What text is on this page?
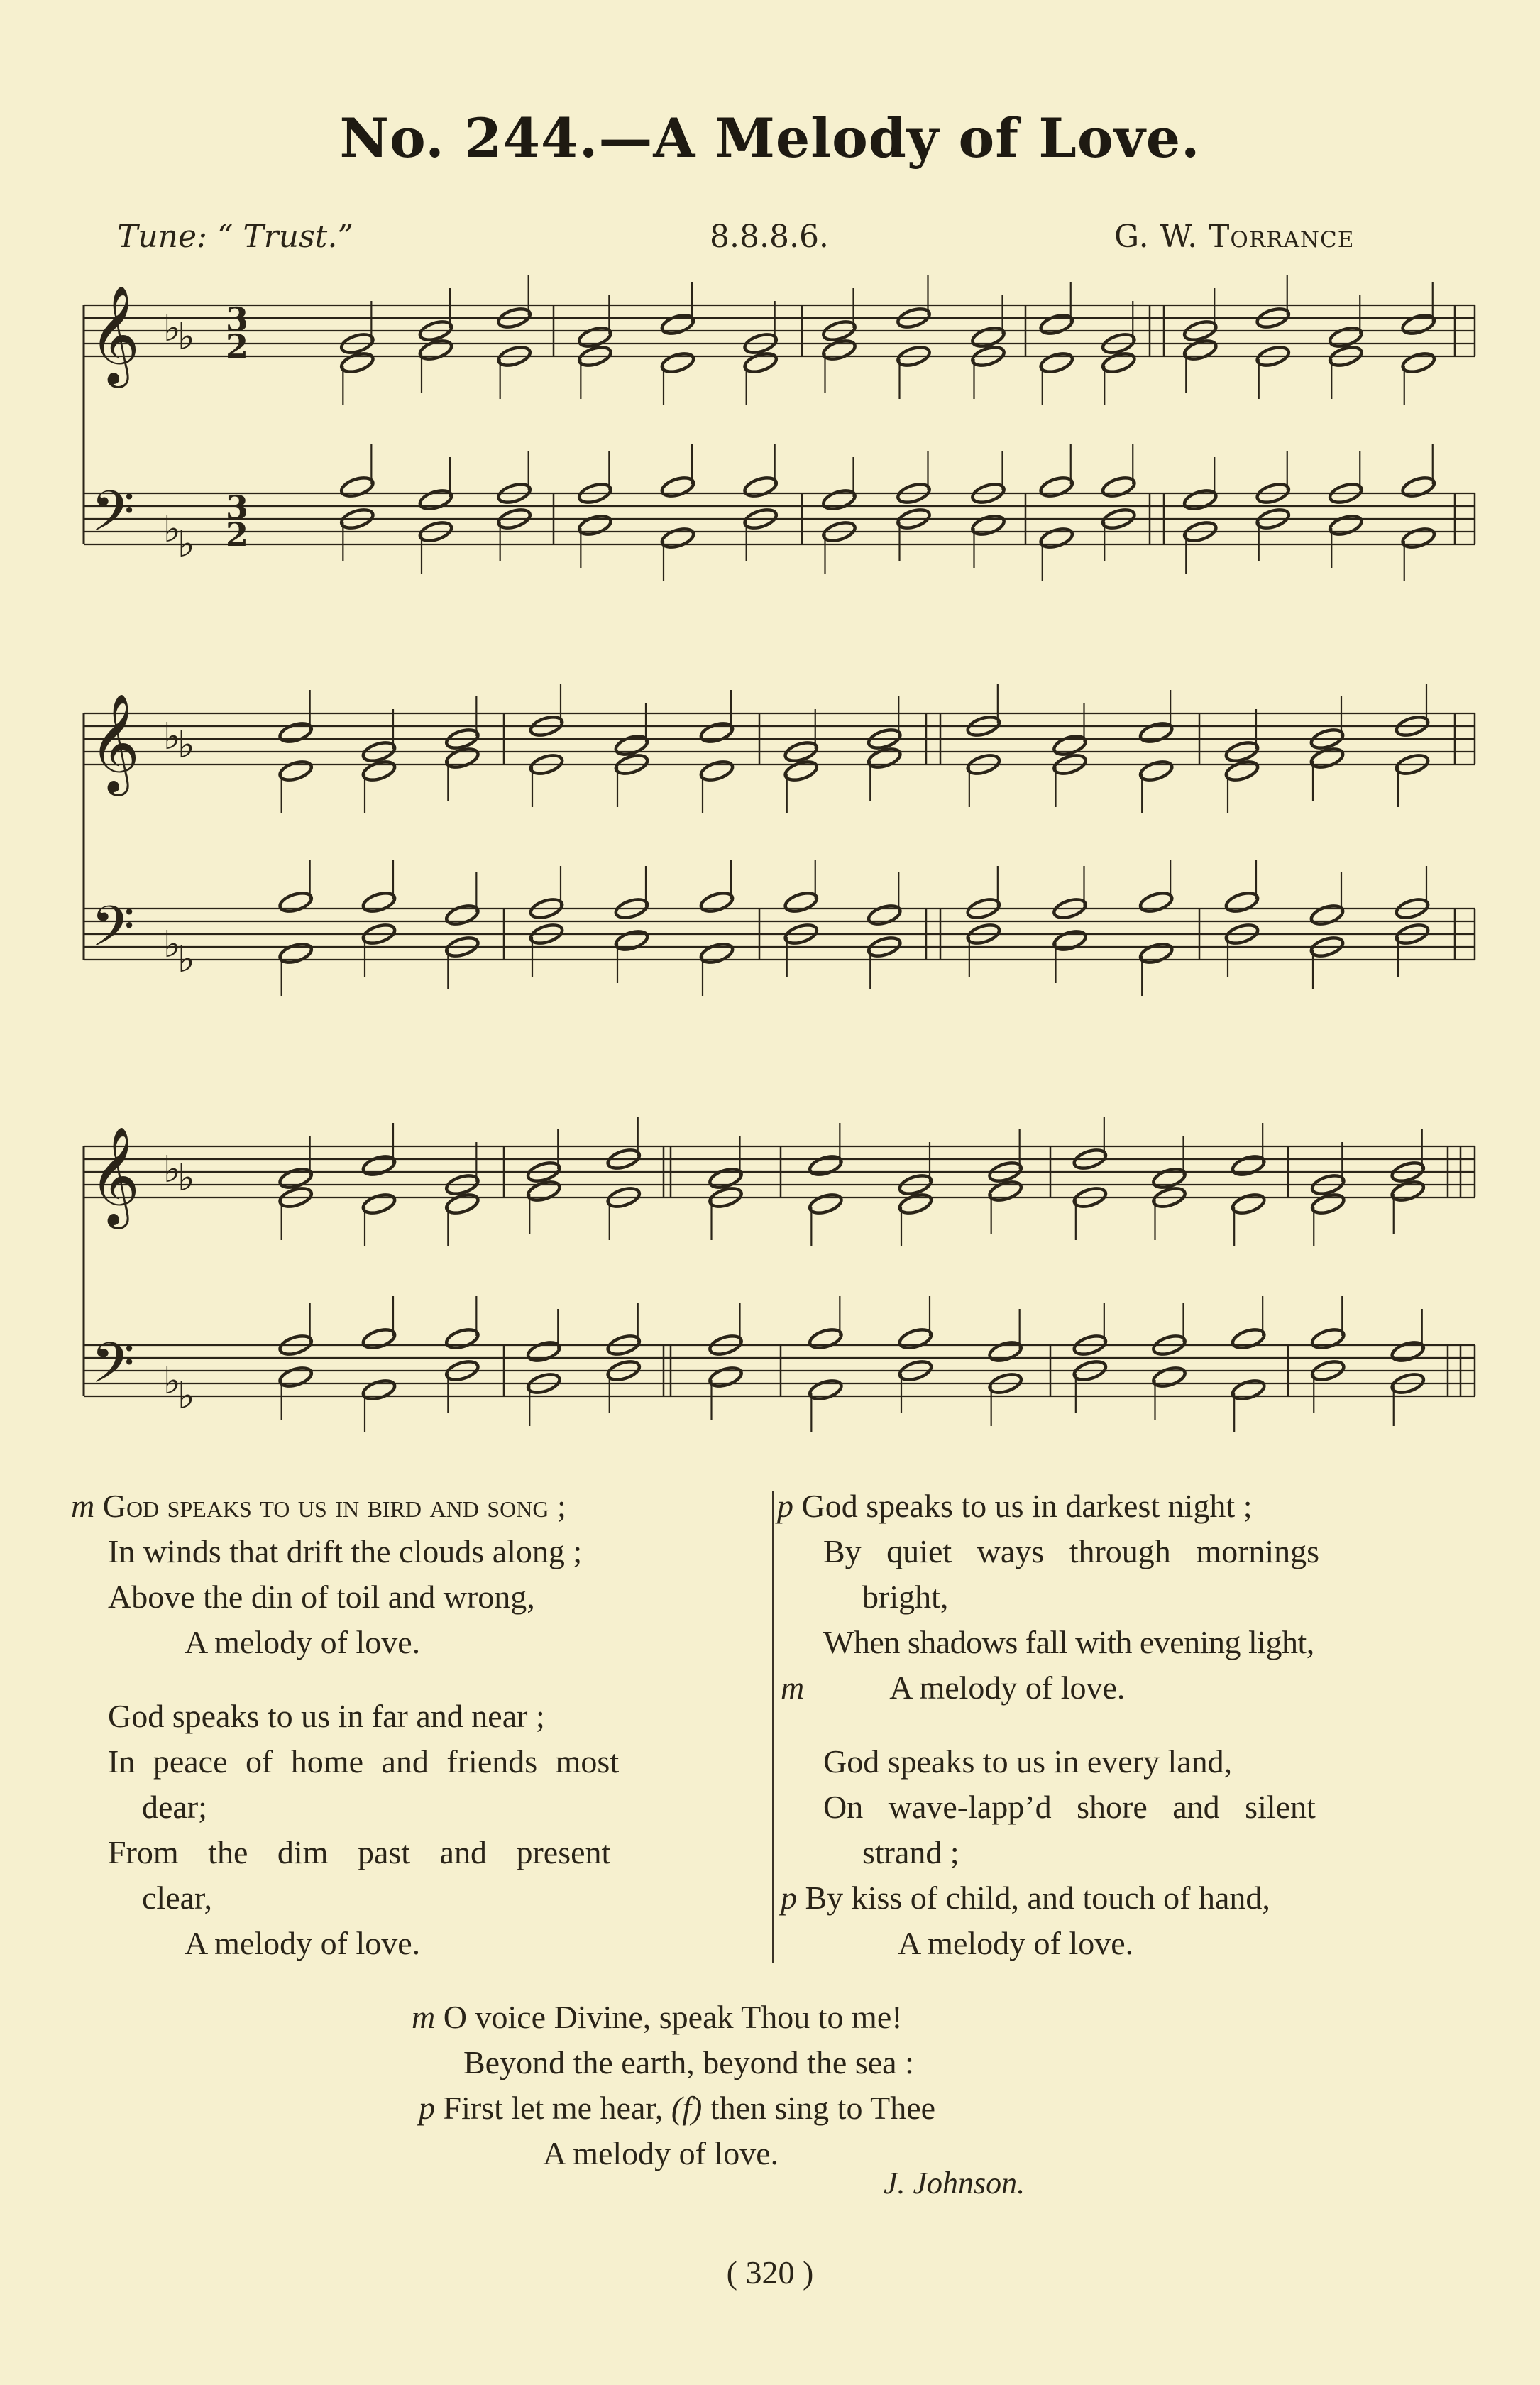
No. 244.—A Melody of Love.
Tune: “ Trust.”	8.8.8.6.	G. W. Torrance
𝄞
𝄢
♭
♭
♭
♭
3
2
3
2
𝄞
𝄢
♭
♭
♭
♭
𝄞
𝄢
♭
♭
♭
♭
m God speaks to us in bird and song ;
In winds that drift the clouds along ;
Above the din of toil and wrong,
A melody of love.
God speaks to us in far and near ;
In peace of home and friends most
dear;
From the dim past and present
clear,
A melody of love.
p God speaks to us in darkest night ;
By quiet ways through mornings
bright,
When shadows fall with evening light,
m	A melody of love.
God speaks to us in every land,
On wave-lapp’d shore and silent
strand ;
p By kiss of child, and touch of hand,
A melody of love.
m O voice Divine, speak Thou to me!
Beyond the earth, beyond the sea :
p First let me hear, (f) then sing to Thee
A melody of love.
J. Johnson.
( 320 )
